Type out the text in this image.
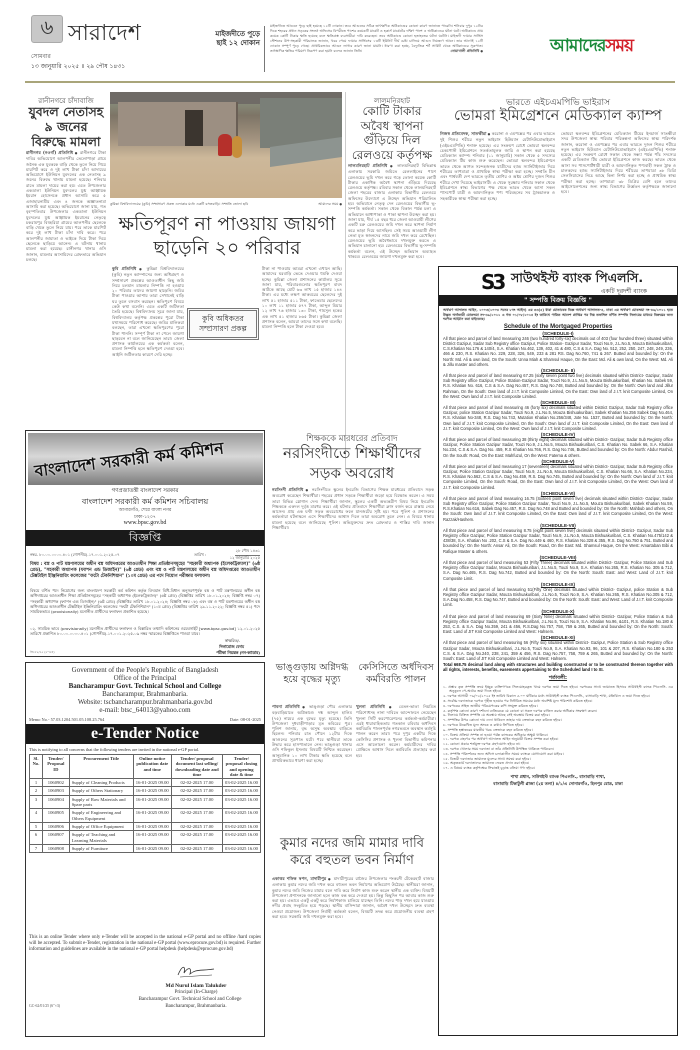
৬ সারাদেশ
সোমবার
১৩ জানুয়ারি ২০২৫ ॥ ২৯ পৌষ ১৪৩১
মাইজদীতে পুড়ে ছাই ১২ দোকান
মাইজদীতে আগুনে পুড়ে ছাই হয়েছে ১২টি দোকান। তবে আগুনের সঠিক তাৎক্ষণিক অগ্নিকাণ্ডের কোনো কারণ জানাতে পারেনি। শনিবার দুপুর ১২টার দিকে শহরের প্রধান সড়কের সংলগ্ন অফিসের বিপরীতে পাশের কয়েকটি মার্কেট ও হকার্স মার্কেটের দক্ষিণ পাশে এ অগ্নিকাণ্ডের ঘটনা ঘটে। অগ্নিকাণ্ডে প্রায় কয়েক কোটি টাকার ক্ষতি হয়েছে বলে ক্ষতিগ্রস্ত ব্যবসায়ীরা দাবি করেছেন। তবে অগ্নিকাণ্ডে কোনো হতাহতের ঘটনা ঘটেনি। মাইজদী ফায়ার সার্ভিস স্টেশনের উপ-সহকারী পরিচালক জানান, খবর পেয়ে ফায়ার সার্ভিসের ১৩টি ইউনিট দীর্ঘ চেষ্টা চালিয়ে আগুন নিয়ন্ত্রণে আনে। তার আগেই ১২টি দোকান সম্পূর্ণ পুড়ে গেছে। প্রাথমিকভাবে আগুন লাগার কারণ জানা যায়নি। ধারণা করা হচ্ছে, বৈদ্যুতিক শর্ট সার্কিট থেকে অগ্নিকাণ্ডের সূত্রপাত। তাৎক্ষণিক ক্ষতির পরিমাণ নিরূপণ করা হয়নি বলেও জানান তিনি।	নোয়াখালী প্রতিনিধি ●	আমাদেরসময়
রানীনগরে চাঁদাবাজি
যুবদল নেতাসহ ৯ জনের বিরুদ্ধে মামলা
রানীনগর (নওগাঁ) প্রতিনিধি ● রানীনগরে টাকা দাবির অভিযোগে আলপনীর তেলোপাড়া গ্রামে জনৈক এক যুবককে বাড়ি থেকে তুলে নিয়ে গিয়ে মারপিট করে ও দুই লাখ টাকা চাঁদা আদায়ের অভিযোগে ইউনিয়ন যুবদলের এক নেতাসহ ৯ জনের বিরুদ্ধে থানায় মামলা হয়েছে। শনিবার রাতে মামলা দায়ের করা হয়। এতে উপজেলার একডালা ইউনিয়ন যুবদলের যুগ্ম আহ্বায়ক ইমরান হোসেনকে প্রধান আসামি করে ৫ এজাহারনামীয় এবং ৪ জনকে অজ্ঞাতনামা আসামি করা হয়েছে। অভিযোগে জানা যায়, গত বৃহস্পতিবার উপজেলার একডালা ইউনিয়ন যুবদলের যুগ্ম আহ্বায়ক ইমরানের নেতৃত্বে চকরামপুর বিষহরিয়া গ্রামের আলপনীর ছেলেকে বাড়ি থেকে তুলে নিয়ে যায়। পরে তাকে মারপিট করে দুই লাখ টাকা চাঁদা দাবি করে। পরে আলপনীর জামাতা ও ভাইকে দিয়ে টাকা দিয়ে ছেলেকে ছাড়িয়ে আনেন। এ ঘটনায় থানায় মামলা করা হয়েছে। রানীনগর থানার ওসি জানান, মামলার আসামিদের গ্রেফতারে অভিযান চলছে।
কুমিল্লা বিশ্ববিদ্যালয়ের (কুবি) সম্প্রসারণ প্রকল্প এলাকার মধ্যে একটি বসতবাড়ি। সম্প্রতি তোলা ছবি	আমাদের সময় ●
ক্ষতিপূরণ না পাওয়ায় জায়গা ছাড়েনি ২০ পরিবার
কুবি প্রতিনিধি ● কুমিল্লা বিশ্ববিদ্যালয়ের (কুবি) নতুন ক্যাম্পাসের জন্য অধিগ্রহণ ও সম্প্রসারণ প্রকল্পের আওতাধীন কিছু জমি নিয়ে চলমান মামলার নিষ্পত্তি না হওয়ায় ২০ পরিবার তাদের জায়গা ছাড়েনি। জমির টাকা পাওয়ার আশায় তারা সেখানেই বাড়ি ঘর তুলে বসবাস করছেন। ক্ষতিপূরণ বিষয়ে কেউ কথা বলেনি। এতে একটি জটিলতা তৈরি হয়েছে। বিশ্ববিদ্যালয় সূত্রে জানা যায়, বিশ্ববিদ্যালয় কর্তৃপক্ষ প্রকল্পের পুরো টাকা যথাসময়ে পরিশোধ করেছে। জমির মালিকরা বলছেন, তারা এখনো ক্ষতিপূরণের পুরো টাকা পাননি। সম্পূর্ণ টাকা না পেলে জায়গা ছাড়বেন না বলে জানিয়েছেন তারা। জেলা প্রশাসক কার্যালয়ের এক কর্মকর্তা বলেন, মামলা নিষ্পত্তি হলে ক্ষতিপূরণ দেওয়া হবে। আইনি জটিলতার কারণে দেরি হচ্ছে।
টাকা না পাওয়ায় আমরা এখনো এখানে আছি। আমাদের ঘরবাড়ি ভেঙে দেওয়ার হুমকি দেওয়া হচ্ছে। কুমিল্লা জেলা প্রশাসনের কার্যালয় সূত্রে জানা যায়, পরিবারগুলোর ক্ষতিপূরণ বাবদ আটকে আছে মোট ৬৩ লাখ ১৫ হাজার ১৪৪ টাকা। এর মধ্যে লক্ষণ আকবরের ছেলেদের দুই লাখ ৫১ হাজার ৫১১ টাকা, ফাতেমার ছেলেদের ১০ লাখ ১১ হাজার ৫৭৭ টাকা, আব্দুল মিয়ার ১২ লাখ ৭৬ হাজার ১৩০ টাকা, শামসুল হকের এক লাখ ৫১ হাজার ৮৬৫ টাকা। কুমিল্লা জেলা প্রশাসক বলেন, আমরা তাদের সঙ্গে কথা বলেছি। মামলা নিষ্পত্তি হলে টাকা দেওয়া হবে।
কুবি অধিকতর সম্প্রসারণ প্রকল্প
লালমনিরহাট
কোটি টাকার অবৈধ স্থাপনা গুঁড়িয়ে দিল রেলওয়ে কর্তৃপক্ষ
লালমনিরহাট প্রতিনিধি ● লালমনিরহাট বিভিন্নাস্থ এলাকায় সরকারি জমিতে রেললাইনের পাশে রেলওয়ের ভূমি দখল করে গড়ে তোলা কয়েক কোটি টাকার একাধিক অবৈধ স্থাপনা গুঁড়িয়ে দিয়েছে রেলওয়ে কর্তৃপক্ষ। রবিবার সকাল থেকে লালমনিরহাট জেলা শহরের বাজার এলাকায় বিভাগীয় রেলওয়ে অফিসের উদ্যোগে এ উচ্ছেদ অভিযান পরিচালিত হয়। অভিযানে নেতৃত্ব দেন রেলওয়ের বিভাগীয় ভূ-সম্পত্তি কর্মকর্তা। সকাল থেকে বিকাল পর্যন্ত চলা এ অভিযানে আধাপাকা ও পাকা স্থাপনা উচ্ছেদ করা হয়। জানা যায়, দীর্ঘ ১৫ বছর ধরে জেলা আওয়ামী লীগের একটি চক্র রেলওয়ের জমি দখল করে স্থাপনা নির্মাণ করে ভাড়া দিয়ে আসছিল। সেই সময় আওয়ামী লীগ নেতা মৃত স্বজনদের নামে জমি দখল করে রেখেছিল। রেলওয়ের ভূমি অবৈধভাবে দখলমুক্ত করতে এ অভিযান চালানো হয়। রেলওয়ের বিভাগীয় ভূ-সম্পত্তি কর্মকর্তা বলেন, এই উচ্ছেদ অভিযান অব্যাহত থাকবে। রেলওয়ের জায়গা দখলমুক্ত করা হবে।
ভারতে এইচএমপিভি ভাইরাস
ভোমরা ইমিগ্রেশনে মেডিক্যাল ক্যাম্প
নিজস্ব প্রতিবেদক, সাতক্ষীরা ● করোনা ও এমপক্সের পর এবার ভারতে দুই শিশুর শরীরে নতুন ভাইরাস হিউম্যান মেটানিউমোভাইরাস (এইচএমপিভি) শনাক্ত হয়েছে। এর সংক্রমণ রোধে ভোমরা স্থলবন্দর চেকপোস্ট ইমিগ্রেশনে সতর্কতামূলক জারি ও স্থাপন করা হয়েছে মেডিক্যাল ক্যাম্প। শনিবার (১১ জানুয়ারি) সকাল থেকে ৫ সদস্যের মেডিক্যাল টিম কাজ শুরু করেছেন। ভোমরা স্থলবন্দর ইমিগ্রেশনে ভারত থেকে আগত সন্দেহজনক যাত্রীদের হ্যান্ড স্যানিটাইজার দিয়ে শরীরের তাপমাত্রা ও প্রাথমিক স্বাস্থ্য পরীক্ষা করা হচ্ছে। সম্প্রতি চীন এবং পার্শ্ববর্তী দেশ ভারতে তৃতীয় শ্রেণির ও অষ্টম শ্রেণির দুজন শিশুর শরীরে দেখা দিয়েছে ভাইরাসটি। এ থেকে সুরক্ষায় শনিবার সকাল থেকে ইমিগ্রেশনে স্বাস্থ্য বিভাগের পক্ষ থেকে ভারত থেকে আসা সকল পাসপোর্ট যাত্রী ও আমদানিকৃত পণ্য পরিবহনের সব ট্রাকচালক ও সহকারীকে স্বাস্থ্য পরীক্ষা করা হচ্ছে।
ভোমরা স্থলবন্দর ইমিগ্রেশনের মেডিক্যাল টিমের ইনচার্জ সাতক্ষীরা সদর উপজেলা স্বাস্থ্য পরিবার পরিকল্পনা অফিসের স্বাস্থ্য পরিদর্শক জানান, করোনা ও এমপক্সের পর এবার ভারতে দুজন শিশুর শরীরে নতুন ভাইরাস হিউম্যান মেটানিউমোভাইরাস (এইচএমপিভি) শনাক্ত হয়েছে। এর সংক্রমণ রোধে সকাল থেকে সন্ধ্যা পর্যন্ত পাঁচ সদস্যের একটি মেডিক্যাল টিম ভোমরা ইমিগ্রেশনে কাজ করছে। ভারত থেকে আসা সব পাসপোর্টধারী যাত্রী ও আমদানিকৃত পণ্যবাহী সকল ট্রাক ও চালকদের হ্যান্ড স্যানিটাইজার দিয়ে শরীরের তাপমাত্রা ৩৮ ডিগ্রি সেলসিয়াসের নিচে আছে কিনা নির্ণয় করা হচ্ছে ও প্রাথমিক স্বাস্থ্য পরীক্ষা করা হচ্ছে। তাপমাত্রা ৩৮ ডিগ্রির বেশি হলে তাদের আইসোলেশনের জন্য স্বাস্থ্য বিভাগের উর্ধ্বতন কর্তৃপক্ষকে জানানো হবে।
S3 সাউথইস্ট ব্যাংক পিএলসি.
একটি দূরদর্শী ব্যাংক
" সম্পত্তি বিক্রয় বিজ্ঞপ্তি "
অর্থঋণ আদালত আইন, ২০০৩(২০০৩ সনের ৮নং আইন) এর ৩৩(৫) ধারা মোতাবেক বিজ্ঞ অর্থঋণ আদালত-৪, ঢাকা এর অর্থঋণ মোকদ্দমা নং-৪৬/২০২১ হতে উদ্ভূত অর্থজারী মোকদ্দমা নং-৩৯/২০২২ এ গত ০১/০৮/২০২৪ ইং তারিখে পারিত আদেশ প্রাপ্তির পর নিম্ন তফসিল বর্ণিত সম্পত্তি নিলামের মাধ্যমে বিক্রয়ের জন্য দরপত্র আহ্বান করা যাইতেছে।
Schedule of the Mortgaged Properties
(SCHEDULE-I)
All that piece and parcel of land measuring 246 (two hundred forty-six) decimals out of 403 (four hundred three) situated within District Gazipur, Sadar Sub Registry office Gazipur, Police Station- Gazipur Sadar, Touzi No.9, J.L.No.5, Mouza Bishuakuribari, C.S.Khatian No.176 & 140/4, S.A. Khatian No.462, 139, 402, 41 & 480, C.S & S.A. Dag No. 512, 252, 250, 247, 248, 249, 236, 466 & 230, R.S. Khatian No. 229, 228, 326, 549, 233 & 281 RS. Dag No.760, 741 & 267. Butted and bounded by: On the North: Md. Ali & own land, On the South: Unna Miah & Shamsul Haque, On the East: Md. Ali & own land, On the West: Md. Ali & Jillu master and others.
(SCHEDULE- II)
All that piece and parcel of land measuring 67.25 (sixty seven point two five) decimals situated within District- Gazipur, Sadar Sub Registry office Gazipur, Police Station-Gazipur Sadar, Touzi No.9, J.L.No.5, Mouza Bishuakuribari, Khatian No. Sabek 59, R.S. Khatian No. 616, C.S & S.A. Dag No.457, R.S. Dag No.748, Butted and bounded by: On the North: Own land and Jillur Rahman, On the South: Own land of J.I.T. knit Composite Limited, On the East: Own land of J.I.T. knit Composite Limited, On the West: Own land of J.I.T. knit Composite Limited.
(SCHEDULE- III)
All that piece and parcel of land measuring 46 (forty six) decimals situated within District Gazipur, Sadar Sub Registry office Gazipur, police Station Gazipur Sadar, Touzi No.9, J.L.No.5, Mouza Bishuakuribari, Sabek Khatian No.256 Sabek Dag No.464, R.S. Khatian No-348, R.S. Dag No.743, Mutation Khatian No.256/348, Jote No. 1537, Butted and bounded by: On the North: Own land of J.I.T. knit Composite Limited, On the South: Own land of J.I.T. knit Composite Limited, On the East: Own land of J.I.T. knit Composite Limited, On the West: Own land of J.I.T. knit Composite Limited.
(SCHEDULE-IV)
All that piece and parcel of land measuring 38 (thirty eight) decimals situated within District- Gazipur, Sadar Sub Registry office Gazipur, Police Station Gazipur Sadar, Touzi No.9, J.L.No.5, Mouza Bishuakuribari, C.S. Khatian No. Sabek 66, S.A. Khatian No.234, C.S & S.A. Dag No. 459, R.S Khatian No.766, R.S. Dag No.746, Butted and bounded by: On the North: Abdur Rashid, On the South: Road, On the East: Mahfuzul, On the West: Fatema & others.
(SCHEDULE-V)
All that piece and parcel of land measuring 17 (seventeen) decimals situated within District- Gazipur, Sadar Sub Registry office Gazipur, Police Station Gazipur Sadar, Touzi No.9, J.L.No.5, Mouza Bishuakuribari, C.S. Khatian No.66, S.A. Khatian No.234, R.S. Khatian No.562, C.S & S.A. Dag No.459, R.S. Dag No.745, Butted and bounded by: On the North: Own land of J.I.T. knit Composite Limited, On the South: Road, On the East: Own land of J.I.T. knit Composite Limited, On the West: Own land of J.I.T. knit Composite Limited.
(SCHEDULE-VI)
All that piece and parcel of land measuring 16.75 (Sixteen point seven five) decimals situated within District- Gazipur, Sadar Sub Registry office Gazipur, Police Station Gazipur Sadar, Touzi No.9, J.L.No.5, Mouza Bishuakuribari, Sabek Khatian No.59, R.S.Khatian No.616, Sabek Dag No.457, R.S. Dag No.748 and Butted and bounded by: On the North: Mahbub and others, On the South: Own land of J.I.T. knit Composite Limited, On the East: Own land of J.I.T. knit Composite Limited, On the West: Razzak/Hashem.
(SCHEDULE-VII)
All that piece and parcel of land measuring 8.75 (eight point seven five) decimals situated within District- Gazipur, Sadar Sub Registry office Gazipur, Police Station Gazipur Sadar, Touzi No.9, J.L.No.5, Mouza Bishuakuribari, C.S. Khatian No.475/142 & 438/38, S.A. Khatian No .202, C.S & S.A. Dag No.449 & 460, R.S. Khatian No.328 & 355, R.S. Dag No.750 & 751. Butted and bounded by: On the North: Ansar Ali, On the South: Road, On the East: Md. Shamsul Haque, On the West: Amartaban Bibi & Rafique Master & others.
(SCHEDULE-VIII)
All that piece and parcel of land measuring 53 (Fifty Three) decimals situated within District- Gazipur, Police Station and Sub Registry office Gazipur Sadar, Mouza Bishuakuribari, J.L.No.5, Touzi No.9, S.A. Khatian No.265, R.S. Khatian No. 305 & 712, S.A. Dag No.465, R.S. Dag No.742, Butted and bounded by: On the North: South: East: and West: Land of J.I.T. knit Composite Limit.
(SCHEDULE-IX)
All that piece and parcel of land measuring 51(Fifty One) decimals situated within District- Gazipur, police Station & Sub Registry office Gazipur Sadar, Mouza Bishuakuribari, J.L.No.5, Touzi No.9, S.A. Khatian No.265, R.S. Khatian No.305 & 712, S.A.Dag No.458, R.S. Dag No.747, Butted and bounded by: On the North: South: East: and West: Land of J.I.T. knit Composite Limit.
(SCHEDULE-X)
All that piece and parcel of land measuring 69 (Sixty Nine) decimals situated within District- Gazipur, Police Station & Sub Registry office Gazipur Sadar, Mouza Bishuakuribari, J.L.No.5, Touzi No.9, S.A. Khatian No.96, &101, R.S. Khatian No.180 & 253, C.S. & S.A. Dag No.359, 241 & 456, R.S.Dag No.757, 758, 759 & 265, Butted and bounded by: On the North: South: East: Land of JIT Knit Composite Limited and West: Hahsem.
(SCHEDULE-XI)
All that piece and parcel of land measuring 56 (Fifty six) situated within District- Gazipur, Police Station & Sub Registry office Gazipur Sadar, Mouza Bishuakuribari, J.L.No.5, Touzi No.9, S.A. Khatian No.93, 96, 101 & 207, R.S. Khatian No.180 & 253 C.S. & S.A. Dag No.240, 238, 241, 359 & 456, R.S. Dag No.757, 758, 759 & 265, Butted and bounded by: On the North: South: East: Land of JIT Knit Composite Limited and West: Hahsem.
Total 668.75 decimal land along with structures and building constructed or to be constructed thereon together with all rights, interests, benefits, easements appertaining to the Scheduled land I to XI.
শর্তাবলী:
১. প্রস্তাব কৃত সম্পত্তি ক্রয়ে ইচ্ছুক ব্যক্তিগণকে সিলমোহরকৃত খামে দরপত্র জমা দিতে হইবে। দরপত্রের সাথে জামানত হিসাবে সাউথইস্ট ব্যাংক পিএলসি. এর অনুকূলে পে-অর্ডার জমা দিতে হইবে।
২. দরপত্র আগামী ০৯/০২/২০২৫ ইং তারিখ বিকাল ৫.০০ ঘটিকার মধ্যে সাউথইস্ট ব্যাংক পিএলসি., বাসাবাড়ি শাখা, মতিঝিল এ জমা দিতে হইবে।
৩. সর্বোচ্চ দরদাতাকে দরপত্র গৃহীত হওয়ার পর নির্ধারিত সময়ের মধ্যে অবশিষ্ট মূল্য পরিশোধ করিতে হইবে।
৪. দরপত্রের সহিত জাতীয় পরিচয়পত্রের কপি সংযুক্ত করিতে হইবে।
৫. কর্তৃপক্ষ কোনো কারণ দর্শানো ব্যতিরেকে যে কোনো বা সকল দরপত্র বাতিল করার অধিকার সংরক্ষণ করেন।
৬. নিলামে বিক্রিত সম্পত্তি যে অবস্থায় আছে সেই অবস্থায় বিক্রয় করা হইবে।
৭. সম্পত্তির উপর কোনো দায় দেনা থাকিলে তাহার দায় ক্রেতাকে বহন করিতে হইবে।
৮. দরপত্রে উল্লেখিত মূল্য অংকে ও কথায় লিখিতে হইবে।
৯. সম্পত্তি হস্তান্তরের যাবতীয় খরচ ক্রেতাকে বহন করিতে হইবে।
১০. বিক্রয় প্রক্রিয়া সম্পন্ন না হওয়া পর্যন্ত ব্যাংকের অধিকার অক্ষুণ্ণ থাকিবে।
১১. দরপত্র গ্রহণের পর অর্থঋণ আদালত আইন অনুযায়ী বিক্রয় সম্পন্ন করা হইবে।
১২. কোনো প্রকার শর্তযুক্ত দরপত্র গ্রহণযোগ্য হইবে না।
১৩. দরপত্র খোলার সময় দরদাতা বা তাঁর প্রতিনিধি উপস্থিত থাকিতে পারিবেন।
১৪. সম্পত্তি পরিদর্শনের জন্য অফিস চলাকালীন সময়ে ব্যাংকে যোগাযোগ করা যাইবে।
১৫. বিজয়ী দরদাতার জামানত মূল্যের সাথে সমন্বয় করা হইবে।
১৬. অকৃতকার্য দরদাতাদের জামানত ফেরত প্রদান করা হইবে।
১৭. এ বিষয়ে ব্যাংক কর্তৃপক্ষের সিদ্ধান্তই চূড়ান্ত বলিয়া গণ্য হইবে।
শাখা প্রধান, সাউথইস্ট ব্যাংক পিএলসি., বাসাবাড়ি শাখা,
বাসাবাড়ি টিকাটুলী প্লাজা (২য় তলা) ৪/১/এ সোনারগাঁও, হিলপুর রোড, ঢাকা
বাংলাদেশ সরকারী কর্ম কমিশন
গণপ্রজাতন্ত্রী বাংলাদেশ সরকার
বাংলাদেশ সরকারী কর্ম কমিশন সচিবালয়
আগারগাঁও, শেরে বাংলা নগর
ঢাকা-১২০৭
www.bpsc.gov.bd
বিজ্ঞপ্তি
নম্বর- ৮০.০০.০০০০.৪০১ (গোপনীয়).১৭.০০১.২০২৫-০৭	তারিখ :
২৮ পৌষ ১৪৩১
১২ জানুয়ারি ২০২৫
বিষয় : বস্ত্র ও পাট মন্ত্রণালয়ের অধীন বস্ত্র অধিদপ্তরের আওতাধীন শিক্ষা প্রতিষ্ঠানসমূহের "সহকারী অধ্যাপক (ইলেকট্রিক্যাল)" (৬ষ্ঠ গ্রেড), "সহকারী অধ্যাপক (ফ্যাশন এন্ড ডিজাইন)" (৬ষ্ঠ গ্রেড) এবং বস্ত্র ও পাট মন্ত্রণালয়ের অধীন বস্ত্র অধিদপ্তরের আওতাধীন টেক্সটাইল ইঞ্জিনিয়ারিং কলেজের "ফটো টেকনিশিয়ান" (১০ম গ্রেড) এর পদে নিয়োগ পরীক্ষার ফলাফল।
বিষয়ে বর্ণিত পদে নিয়োগের জন্য বাংলাদেশ সরকারী কর্ম কমিশন কর্তৃক বিদ্যমান বিধি-বিধান অনুসরণপূর্বক বস্ত্র ও পাট মন্ত্রণালয়ের অধীন বস্ত্র অধিদপ্তরের আওতাধীন শিক্ষা প্রতিষ্ঠানসমূহের "সহকারী অধ্যাপক (ইলেকট্রিক্যাল)" (৬ষ্ঠ গ্রেড) (বিজ্ঞপ্তির তারিখ ১৮.০১.২০২৪; বিজ্ঞপ্তি নম্বর ০৭) "সহকারী অধ্যাপক (ফ্যাশন এন্ড ডিজাইন)" (৬ষ্ঠ গ্রেড) (বিজ্ঞপ্তির তারিখ ১৮.০১.২০২৪; বিজ্ঞপ্তি নম্বর ০৮) এবং বস্ত্র ও পাট মন্ত্রণালয়ের অধীন বস্ত্র অধিদপ্তরের আওতাধীন টেক্সটাইল ইঞ্জিনিয়ারিং কলেজের "ফটো টেকনিশিয়ান" (১০ম গ্রেড) (বিজ্ঞপ্তির তারিখ ২৯.১১.২০২২; বিজ্ঞপ্তি নম্বর ৫১) পদে সাময়িকভাবে (provisionally) মনোনীত প্রার্থীদের ফলাফল প্রকাশিত হয়েছে।
০২. সাময়িক ভাবে (provisionally) মনোনীত প্রার্থীদের ফলাফল ও বিস্তারিত তথ্যাদি কমিশনের ওয়েবসাইট [www.bpsc.gov.bd] ১২.০১.২০২৫ তারিখে প্রকাশিত ৮০.০০.০০০০.৪০১ (গোপনীয়).১৭.০০১.২০২৫-০৯ নম্বর স্মারকের বিজ্ঞপ্তিতে পাওয়া যাবে।
স্বাক্ষরিত/-
দিলারোজ বেগম
পরীক্ষা নিয়ন্ত্রক (নন-ক্যাডার)
জি-৮৫/২৫ (৫"×৪)
Government of the People's Republic of Bangladesh
Office of the Principal
Bancharampur Govt. Technical School and College
Bancharampur, Brahmanbaria.
Website: tscbancharampur.brahmanbaria.gov.bd
e-mail: btsc_64013@yahoo.com
Memo No.- 57.03.1204.501.05.108.25.764	Date: 08-01-2025
e-Tender Notice
This is notifying to all concerns that the following tenders are invited in the national e-GP portal.
Sl. No.	Tender/ Proposal ID	Procurement Title	Online notice publication date and time	Tender/ proposal document last selling/ downloading date and time	Tender/ proposal closing and opening date & time
1	1060902	Supply of Cleaning Products	16-01-2025 09.00	02-02-2025 17.00	03-02-2025 16.00
2	1060903	Supply of Others Stationary	16-01-2025 09.00	02-02-2025 17.00	03-02-2025 16.00
3	1060904	Supply of Raw Materials and Spare parts	16-01-2025 09.00	02-02-2025 17.00	03-02-2025 16.00
4	1060905	Supply of Engineering and Others Equipment	16-01-2025 09.00	02-02-2025 17.00	03-02-2025 16.00
5	1060906	Supply of Office Equipment	16-01-2025 09.00	02-02-2025 17.00	03-02-2025 16.00
6	1060907	Supply of Teaching and Learning Materials	16-01-2025 09.00	02-02-2025 17.00	03-02-2025 16.00
7	1060908	Supply of Furniture	16-01-2025 09.00	02-02-2025 17.00	03-02-2025 16.00
This is an online Tender where only e-Tender will be accepted in the national e-GP portal and no offline /hard copies will be accepted. To submit e-Tender, registration in the national e-GP portal (www.eprocure.gov.bd) is required. Further information and guidelines are available in the national e-GP portal helpdesk (helpdesk@eprocure.gov.bd)
Md Nurul Islam Talukder
Principal (In-Charge)
Bancharampur Govt. Technical School and College
Bancharampur, Brahmanbaria.
GC-62/01/25 (6"×3)
শিক্ষককে মারধরের প্রতিবাদ
নরসিংদীতে শিক্ষার্থীদের সড়ক অবরোধ
নরসিংদী প্রতিনিধি ● নরসিংদীতে স্কুলের ইংরেজি বিভাগের শিক্ষক মারধরের প্রতিবাদে সড়ক অবরোধ করেছেন শিক্ষার্থীরা। শহরের প্রধান সড়কে শিক্ষার্থীরা জড়ো হয়ে বিক্ষোভ করেন। এ সময় তারা বিভিন্ন স্লোগান দেন। শিক্ষার্থীরা জানান, স্কুলের একটি অভ্যন্তরীণ বিষয় নিয়ে ইংরেজি শিক্ষককে একদল দুর্বৃত্ত মারধর করে। এই ঘটনার প্রতিবাদে শিক্ষার্থীরা ক্লাস বর্জন করে রাস্তায় নেমে আসেন। প্রায় এক ঘণ্টা সড়ক অবরোধের ফলে যানজটের সৃষ্টি হয়। পরে পুলিশ ও প্রশাসনের কর্মকর্তারা ঘটনাস্থলে এসে শিক্ষার্থীদের আশ্বাস দিলে তারা অবরোধ তুলে নেন। এ বিষয়ে থানায় মামলা হয়েছে বলে জানিয়েছে পুলিশ। অভিযুক্তদের দ্রুত গ্রেফতার ও শাস্তির দাবি জানান শিক্ষার্থীরা।
ভাঙ্গুড়ায় অগ্নিদগ্ধ হয়ে বৃদ্ধের মৃত্যু
পাবনা প্রতিনিধি ● ভাঙ্গুড়া পৌর এলাকার বড়বাড়িয়াতে অগ্নিকাণ্ডে দগ্ধ আব্দুল হালিম (৭৫) নামের এক বৃদ্ধের মৃত্যু হয়েছে। তিনি উপজেলা দুধবাড়ীপাড়ার মৃত কবিরের পুত্র। পুলিশ জানায়, বৃদ্ধ অসুস্থ অবস্থায় বাড়িতে ছিলেন। শনিবার রাত পৌনে ১২টার দিকে আগুনের সূত্রপাত ঘটে। পরে স্থানীয়রা তাকে উদ্ধার করে হাসপাতালে নেন। ভাঙ্গুড়া থানার ওসি শফিকুল ইসলাম বিষয়টি নিশ্চিত করেছেন। আনুমানিক ১০ লাখ টাকার ক্ষতি হয়েছে বলে প্রাথমিকভাবে ধারণা করা হচ্ছে।
কেসিসিতে অর্ধদিবস কর্মবিরতি পালন
খুলনা প্রতিনিধি ●	বেতন-ভাতা নিয়মিত পরিশোধসহ নানা দাবিতে আন্দোলনে নেমেছেন খুলনা সিটি করপোরেশনের কর্মকর্তা-কর্মচারীরা। এরই ধারাবাহিকতায় গতকাল রবিবার অর্ধদিবস কর্মবিরতি পালনপূর্বক নগরভবনে অবস্থান কর্মসূচি পালন করেন তারা। পরে দুপুর একটার দিকে কেসিসির প্রশাসক ও খুলনা বিভাগীয় কমিশনার এসে আলোচনা করেন। কর্মচারীদের দাবির প্রেক্ষিতে আশ্বাস দিলে কর্মবিরতি প্রত্যাহার করা হয়।
কুমার নদের জমি মামার দাবি করে বহুতল ভবন নির্মাণ
একাত্তর শফিক স্বপন, মাদারীপুর ● মাদারীপুরের রাজৈর উপজেলার শংকরদী টেকেরহাট বাজার এলাকায় কুমার নদের জমি দখল করে বহুতল ভবন নির্মাণের অভিযোগ উঠেছে। স্থানীয়রা জানান, কুমার নদের জমি নিজের মামার বলে দাবি করে নির্মাণ কাজ শুরু করেন স্থানীয় এক ব্যক্তি। বিষয়টি উপজেলা প্রশাসনকে জানানো হলে কাজ বন্ধ করে দেওয়া হয়। কিন্তু কিছুদিন পর আবার কাজ শুরু করা হয়। এভাবে একটু একটু করে নির্মাণকাজ চালিয়ে যাচ্ছেন তিনি। নদের পাড় দখল হয়ে যাওয়ায় নদীর প্রবাহ সংকুচিত হয়ে পড়ছে। স্থানীয় বাসিন্দারা জানান, অবৈধ দখল উচ্ছেদে দ্রুত ব্যবস্থা নেওয়া প্রয়োজন। উপজেলা নির্বাহী কর্মকর্তা বলেন, বিষয়টি তদন্ত করে প্রয়োজনীয় ব্যবস্থা গ্রহণ করা হবে। সরকারি জমি দখলমুক্ত করা হবে।
